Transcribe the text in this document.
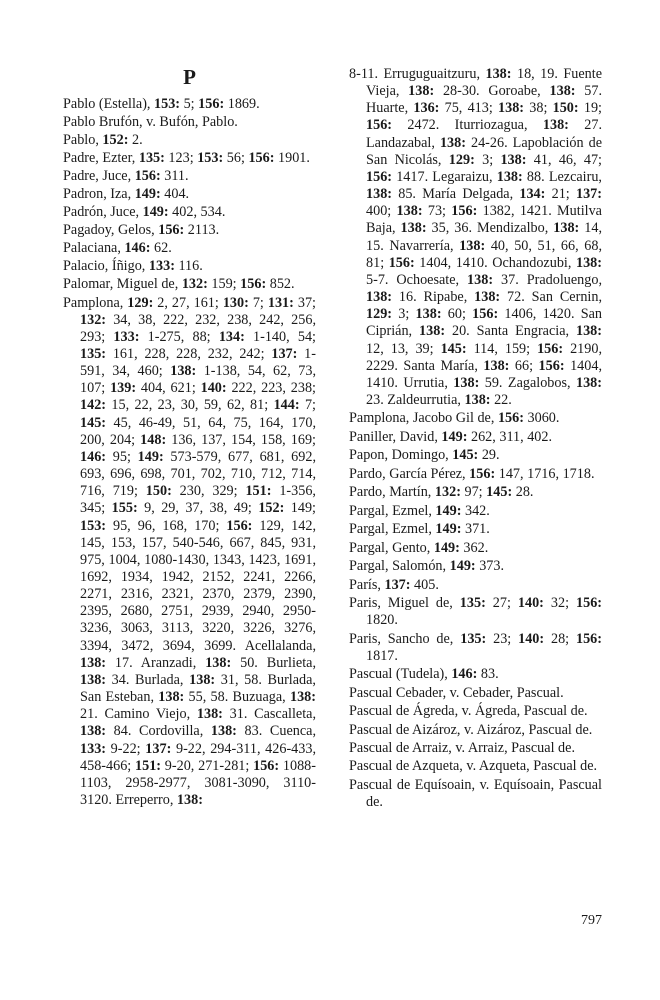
P

Pablo (Estella), 153: 5; 156: 1869.

Pablo Brufón, v. Bufón, Pablo.

Pablo, 152: 2.

Padre, Ezter, 135: 123; 153: 56; 156: 1901.

Padre, Juce, 156: 311.

Padron, Iza, 149: 404.

Padrón, Juce, 149: 402, 534.

Pagadoy, Gelos, 156: 2113.

Palaciana, 146: 62.

Palacio, Íñigo, 133: 116.

Palomar, Miguel de, 132: 159; 156: 852.

Pamplona, 129: 2, 27, 161; 130: 7; 131: 37; 132: 34, 38, 222, 232, 238, 242, 256, 293; 133: 1-275, 88; 134: 1-140, 54; 135: 161, 228, 228, 232, 242; 137: 1-591, 34, 460; 138: 1-138, 54, 62, 73, 107; 139: 404, 621; 140: 222, 223, 238; 142: 15, 22, 23, 30, 59, 62, 81; 144: 7; 145: 45, 46-49, 51, 64, 75, 164, 170, 200, 204; 148: 136, 137, 154, 158, 169; 146: 95; 149: 573-579, 677, 681, 692, 693, 696, 698, 701, 702, 710, 712, 714, 716, 719; 150: 230, 329; 151: 1-356, 345; 155: 9, 29, 37, 38, 49; 152: 149; 153: 95, 96, 168, 170; 156: 129, 142, 145, 153, 157, 540-546, 667, 845, 931, 975, 1004, 1080-1430, 1343, 1423, 1691, 1692, 1934, 1942, 2152, 2241, 2266, 2271, 2316, 2321, 2370, 2379, 2390, 2395, 2680, 2751, 2939, 2940, 2950-3236, 3063, 3113, 3220, 3226, 3276, 3394, 3472, 3694, 3699. Acellalanda, 138: 17. Aranzadi, 138: 50. Burlieta, 138: 34. Burlada, 138: 31, 58. Burlada, San Esteban, 138: 55, 58. Buzuaga, 138: 21. Camino Viejo, 138: 31. Cascalleta, 138: 84. Cordovilla, 138: 83. Cuenca, 133: 9-22; 137: 9-22, 294-311, 426-433, 458-466; 151: 9-20, 271-281; 156: 1088-1103, 2958-2977, 3081-3090, 3110-3120. Erreperro, 138:

8-11. Erruguguaitzuru, 138: 18, 19. Fuente Vieja, 138: 28-30. Goroabe, 138: 57. Huarte, 136: 75, 413; 138: 38; 150: 19; 156: 2472. Iturriozagua, 138: 27. Landazabal, 138: 24-26. Lapoblación de San Nicolás, 129: 3; 138: 41, 46, 47; 156: 1417. Legaraizu, 138: 88. Lezcairu, 138: 85. María Delgada, 134: 21; 137: 400; 138: 73; 156: 1382, 1421. Mutilva Baja, 138: 35, 36. Mendizalbo, 138: 14, 15. Navarrería, 138: 40, 50, 51, 66, 68, 81; 156: 1404, 1410. Ochandozubi, 138: 5-7. Ochoesate, 138: 37. Pradoluengo, 138: 16. Ripabe, 138: 72. San Cernin, 129: 3; 138: 60; 156: 1406, 1420. San Ciprián, 138: 20. Santa Engracia, 138: 12, 13, 39; 145: 114, 159; 156: 2190, 2229. Santa María, 138: 66; 156: 1404, 1410. Urrutia, 138: 59. Zagalobos, 138: 23. Zaldeurrutia, 138: 22.

Pamplona, Jacobo Gil de, 156: 3060.

Paniller, David, 149: 262, 311, 402.

Papon, Domingo, 145: 29.

Pardo, García Pérez, 156: 147, 1716, 1718.

Pardo, Martín, 132: 97; 145: 28.

Pargal, Ezmel, 149: 342.

Pargal, Ezmel, 149: 371.

Pargal, Gento, 149: 362.

Pargal, Salomón, 149: 373.

París, 137: 405.

Paris, Miguel de, 135: 27; 140: 32; 156: 1820.

Paris, Sancho de, 135: 23; 140: 28; 156: 1817.

Pascual (Tudela), 146: 83.

Pascual Cebader, v. Cebader, Pascual.

Pascual de Ágreda, v. Ágreda, Pascual de.

Pascual de Aizároz, v. Aizároz, Pascual de.

Pascual de Arraiz, v. Arraiz, Pascual de.

Pascual de Azqueta, v. Azqueta, Pascual de.

Pascual de Equísoain, v. Equísoain, Pascual de.

797
